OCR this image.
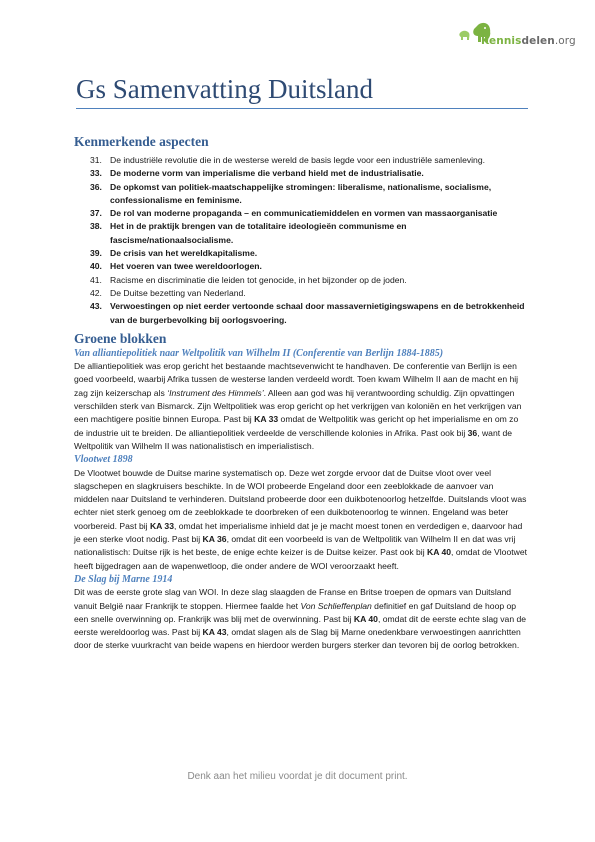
Kennisdelen.org
Gs Samenvatting Duitsland
Kenmerkende aspecten
31. De industriële revolutie die in de westerse wereld de basis legde voor een industriële samenleving.
33. De moderne vorm van imperialisme die verband hield met de industrialisatie.
36. De opkomst van politiek-maatschappelijke stromingen: liberalisme, nationalisme, socialisme, confessionalisme en feminisme.
37. De rol van moderne propaganda – en communicatiemiddelen en vormen van massaorganisatie
38. Het in de praktijk brengen van de totalitaire ideologieën communisme en fascisme/nationaalsocialisme.
39. De crisis van het wereldkapitalisme.
40. Het voeren van twee wereldoorlogen.
41. Racisme en discriminatie die leiden tot genocide, in het bijzonder op de joden.
42. De Duitse bezetting van Nederland.
43. Verwoestingen op niet eerder vertoonde schaal door massavernietigingswapens en de betrokkenheid van de burgerbevolking bij oorlogsvoering.
Groene blokken
Van alliantiepolitiek naar Weltpolitik van Wilhelm II (Conferentie van Berlijn 1884-1885)

De alliantiepolitiek was erop gericht het bestaande machtsevenwicht te handhaven. De conferentie van Berlijn is een goed voorbeeld, waarbij Afrika tussen de westerse landen verdeeld wordt. Toen kwam Wilhelm II aan de macht en hij zag zijn keizerschap als ‘Instrument des Himmels’. Alleen aan god was hij verantwoording schuldig. Zijn opvattingen verschilden sterk van Bismarck. Zijn Weltpolitiek was erop gericht op het verkrijgen van koloniën en het verkrijgen van een machtigere positie binnen Europa. Past bij KA 33 omdat de Weltpolitik was gericht op het imperialisme en om zo de industrie uit te breiden. De alliantiepolitiek verdeelde de verschillende kolonies in Afrika. Past ook bij 36, want de Weltpolitik van Wilhelm II was nationalistisch en imperialistisch.

Vlootwet 1898

De Vlootwet bouwde de Duitse marine systematisch op. Deze wet zorgde ervoor dat de Duitse vloot over veel slagschepen en slagkruisers beschikte. In de WOI probeerde Engeland door een zeeblokkade de aanvoer van middelen naar Duitsland te verhinderen. Duitsland probeerde door een duikbotenoorlog hetzelfde. Duitslands vloot was echter niet sterk genoeg om de zeeblokkade te doorbreken of een duikbotenoorlog te winnen. Engeland was beter voorbereid. Past bij KA 33, omdat het imperialisme inhield dat je je macht moest tonen en verdedigen e, daarvoor had je een sterke vloot nodig. Past bij KA 36, omdat dit een voorbeeld is van de Weltpolitik van Wilhelm II en dat was vrij nationalistisch: Duitse rijk is het beste, de enige echte keizer is de Duitse keizer. Past ook bij KA 40, omdat de Vlootwet heeft bijgedragen aan de wapenwetloop, die onder andere de WOI veroorzaakt heeft.

De Slag bij Marne 1914

Dit was de eerste grote slag van WOI. In deze slag slaagden de Franse en Britse troepen de opmars van Duitsland vanuit België naar Frankrijk te stoppen. Hiermee faalde het Von Schlieffenplan definitief en gaf Duitsland de hoop op een snelle overwinning op. Frankrijk was blij met de overwinning. Past bij KA 40, omdat dit de eerste echte slag van de eerste wereldoorlog was. Past bij KA 43, omdat slagen als de Slag bij Marne onedenkbare verwoestingen aanrichtten door de sterke vuurkracht van beide wapens en hierdoor werden burgers sterker dan tevoren bij de oorlog betrokken.

Denk aan het milieu voordat je dit document print.
